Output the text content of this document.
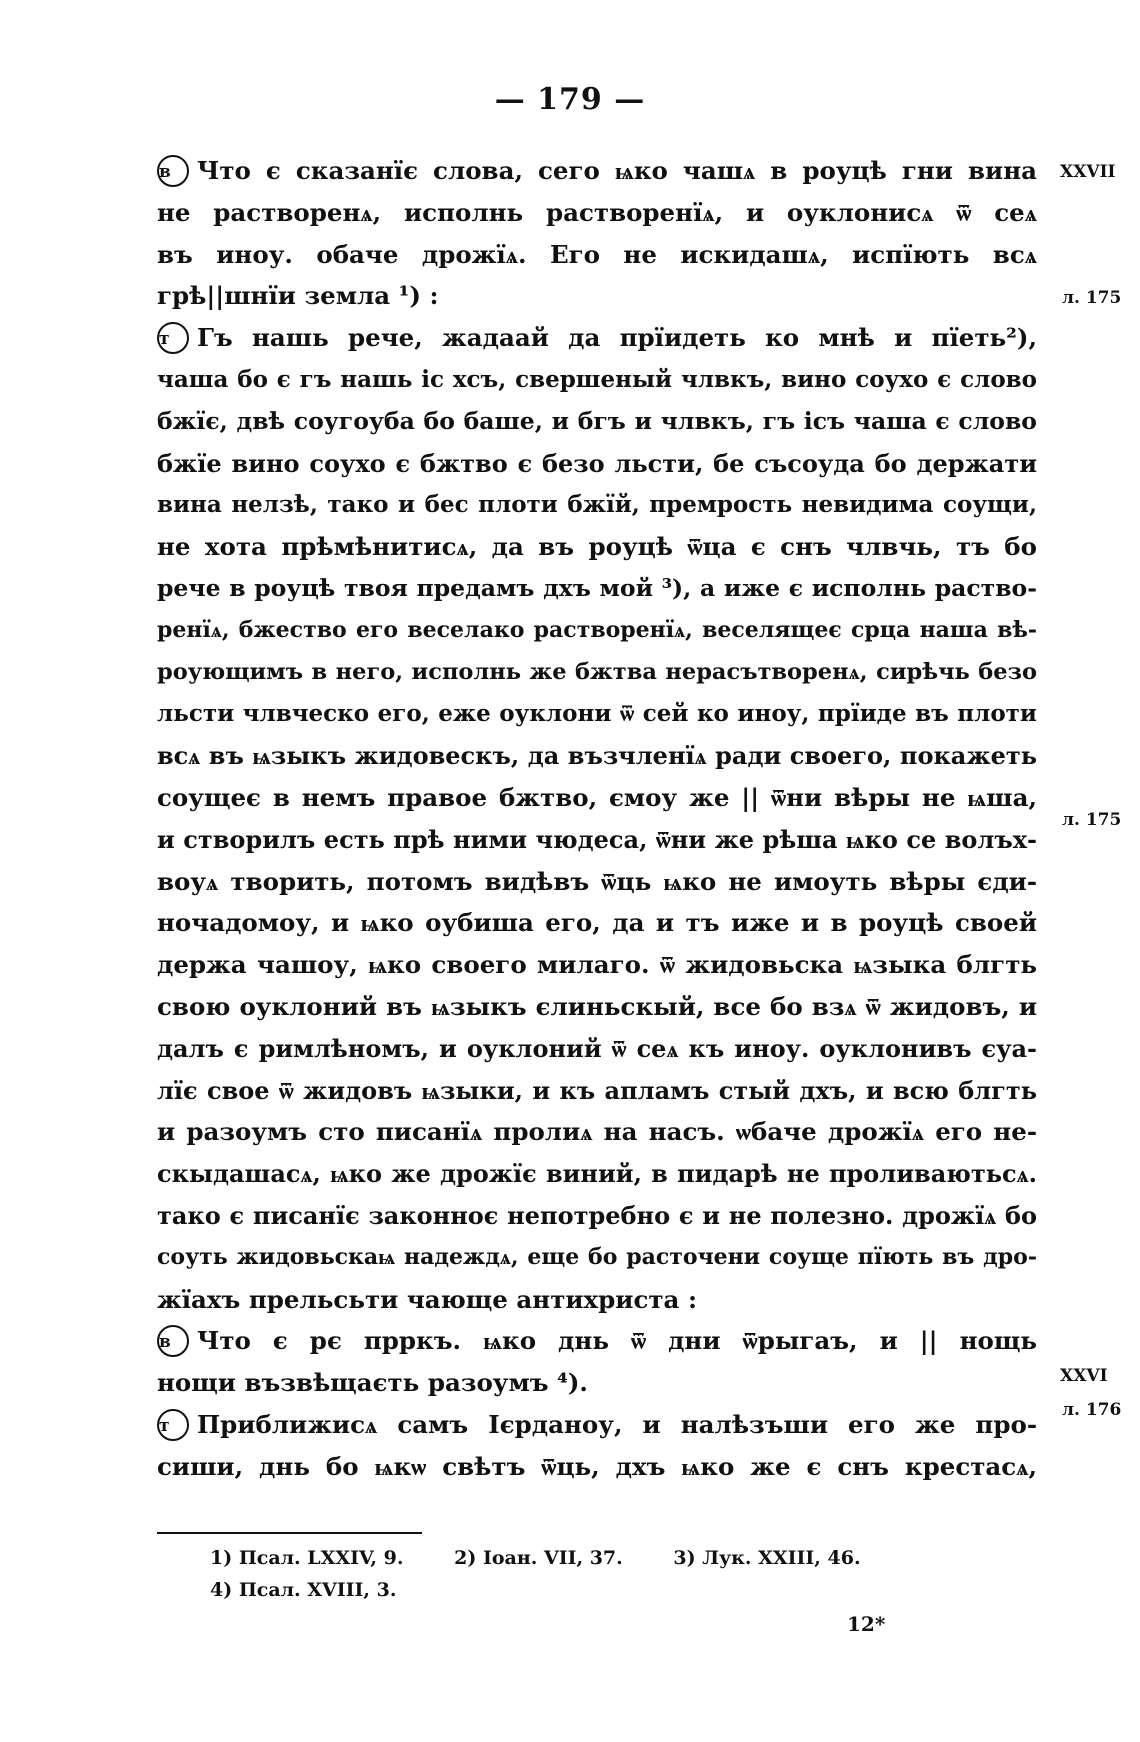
— 179 —
XXVII
л. 175
л. 175
XXVI
л. 176
в Что є сказанїє слова, сего ѩко чашѧ в роуцѣ гни вина
не растворенѧ, исполнь растворенїѧ, и оуклонисѧ ѿ сеѧ
въ инoу. обаче дрожїѧ. Его не искидашѧ, испїють всѧ
грѣ||шнїи земла ¹) :
т Гъ нашь рече, жадаай да прїидеть ко мнѣ и пїеть²),
чаша бо є гъ нашь іс хсъ, свершеный члвкъ, вино соухо є слово
бжїє, двѣ соугоуба бо баше, и бгъ и члвкъ, гъ ісъ чаша є слово
бжїе вино соухо є бжтво є безо льсти, бе съсоуда бо держати
вина нелзѣ, тако и бес плоти бжїй, премрость невидима соущи,
не хота прѣмѣнитисѧ, да въ роуцѣ ѿца є снъ члвчь, тъ бо
рече в роуцѣ твоя предамъ дхъ мой ³), а иже є исполнь раство-
ренїѧ, бжество его веселако растворенїѧ, веселящеє срца наша вѣ-
роующимъ в него, исполнь же бжтва нерасътворенѧ, сирѣчь безо
льсти члвческо его, еже оуклони ѿ сей ко инoу, прїиде въ плоти
всѧ въ ѩзыкъ жидовескъ, да възчленїѧ ради своего, покажеть
соущеє в немъ правое бжтво, ємоу же || ѿни вѣры не ѩша,
и створилъ есть прѣ ними чюдеса, ѿни же рѣша ѩко се волъх-
воуѧ творить, потомъ видѣвъ ѿць ѩко не имоуть вѣры єди-
ночадомоу, и ѩко оубиша его, да и тъ иже и в роуцѣ своей
держа чашоу, ѩко своего милаго. ѿ жидовьска ѩзыка блгть
свою оуклоний въ ѩзыкъ єлиньскый, все бо взѧ ѿ жидовъ, и
далъ є римлѣномъ, и оуклоний ѿ сеѧ къ инoу. оуклонивъ єуа-
лїє свое ѿ жидовъ ѩзыки, и къ апламъ стый дхъ, и всю блгть
и разоумъ сто писанїѧ пролиѧ на насъ. ѡбаче дрожїѧ его не-
скыдашасѧ, ѩко же дрожїє виний, в пидарѣ не проливаютьсѧ.
тако є писанїє законноє непотребно є и не полезно. дрожїѧ бо
соуть жидовьскаѩ надеждѧ, еще бо расточени соуще пїють въ дро-
жїахъ прельсьти чающе антихриста :
в Что є рє прркъ. ѩко днь ѿ дни ѿрыгаъ, и || нощь
нощи възвѣщаєть разоумъ ⁴).
т Приближисѧ самъ Ієрданоу, и налѣзъши его же про-
сиши, днь бо ѩкѡ свѣтъ ѿць, дхъ ѩко же є снъ крестасѧ,
1) Псал. LXXIV, 9.	2) Іоан. VII, 37.	3) Лук. XXIII, 46.
4) Псал. XVIII, 3.
12*
